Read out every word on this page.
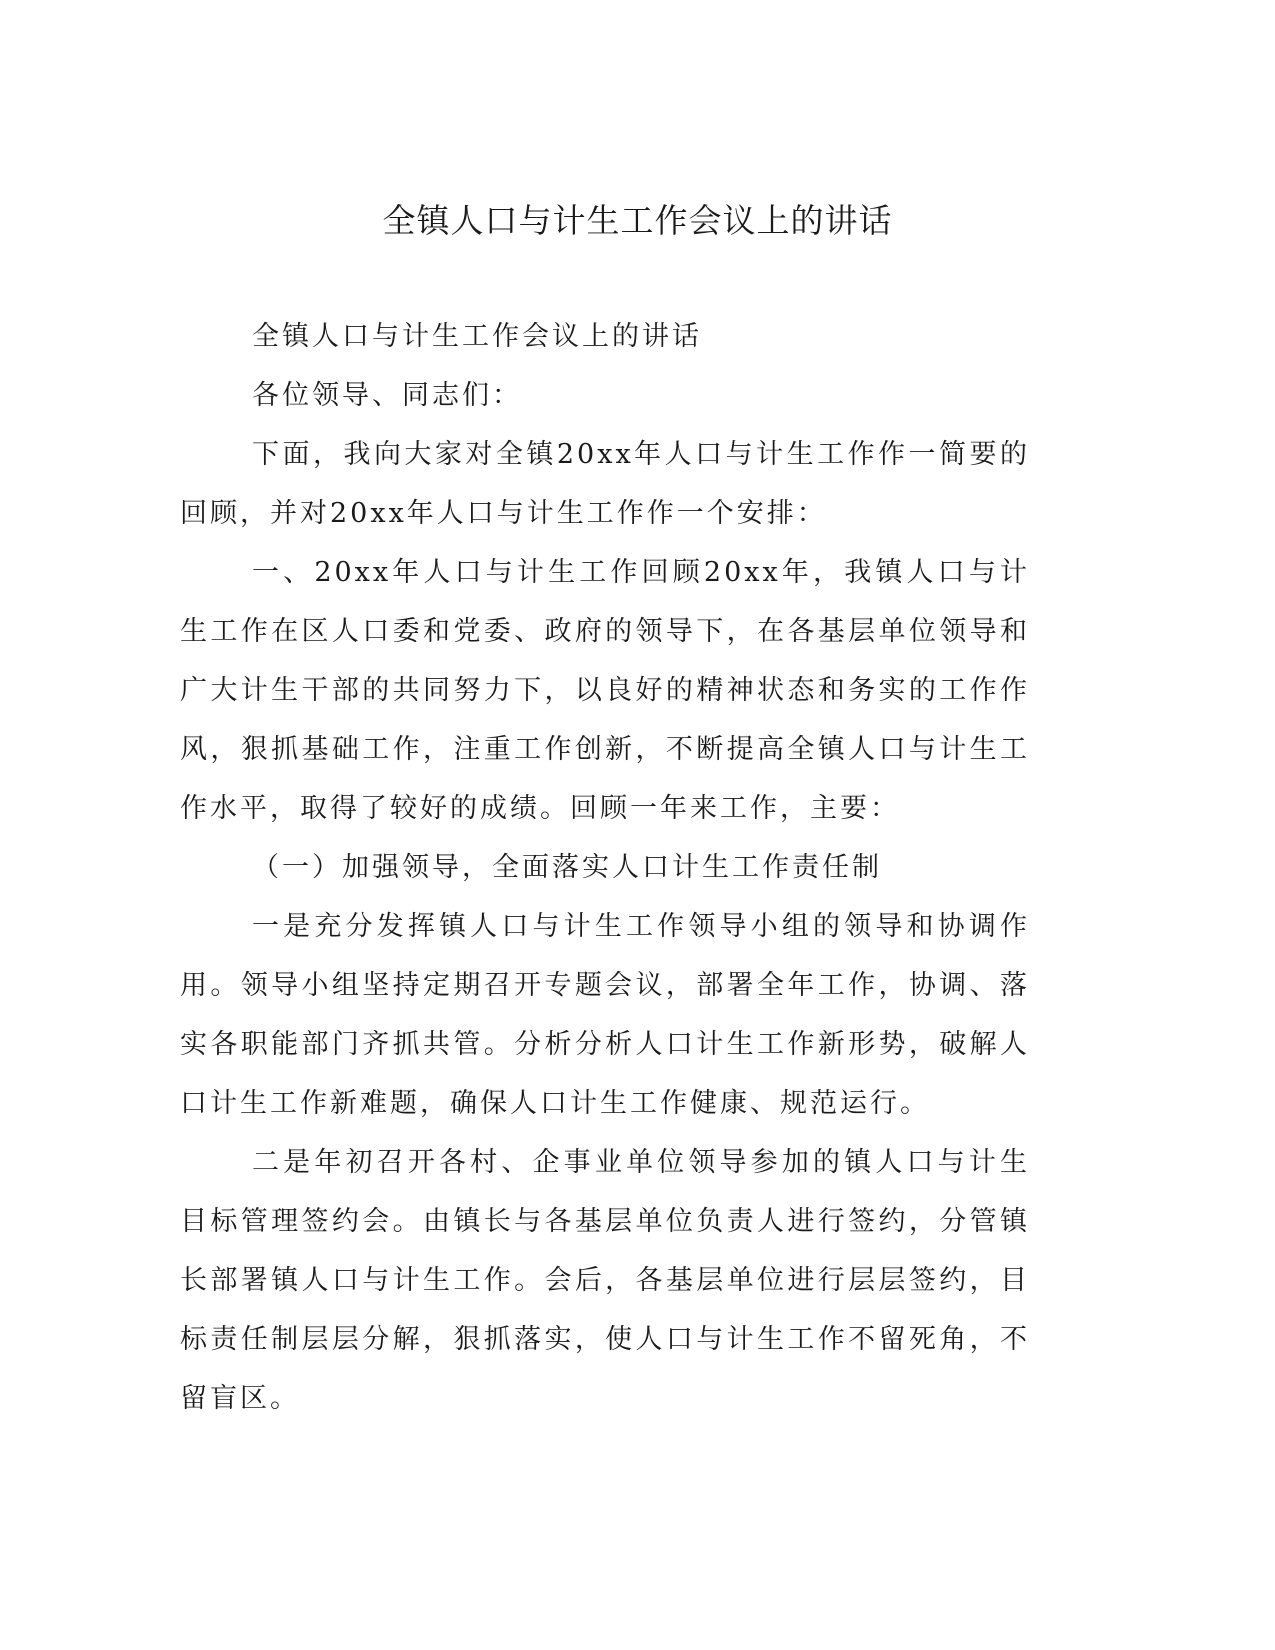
全镇人口与计生工作会议上的讲话

全镇人口与计生工作会议上的讲话

各位领导、同志们：

下面，我向大家对全镇20xx年人口与计生工作作一简要的回顾，并对20xx年人口与计生工作作一个安排：

一、20xx年人口与计生工作回顾20xx年，我镇人口与计生工作在区人口委和党委、政府的领导下，在各基层单位领导和广大计生干部的共同努力下，以良好的精神状态和务实的工作作风，狠抓基础工作，注重工作创新，不断提高全镇人口与计生工作水平，取得了较好的成绩。回顾一年来工作，主要：

（一）加强领导，全面落实人口计生工作责任制

一是充分发挥镇人口与计生工作领导小组的领导和协调作用。领导小组坚持定期召开专题会议，部署全年工作，协调、落实各职能部门齐抓共管。分析分析人口计生工作新形势，破解人口计生工作新难题，确保人口计生工作健康、规范运行。

二是年初召开各村、企事业单位领导参加的镇人口与计生目标管理签约会。由镇长与各基层单位负责人进行签约，分管镇长部署镇人口与计生工作。会后，各基层单位进行层层签约，目标责任制层层分解，狠抓落实，使人口与计生工作不留死角，不留盲区。
